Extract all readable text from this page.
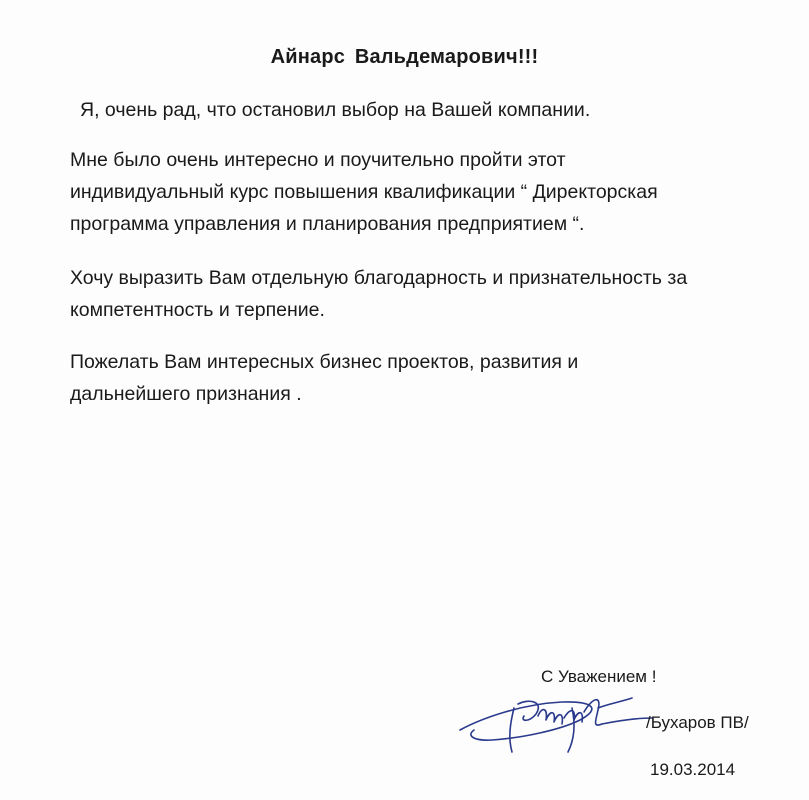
Айнарс Вальдемарович!!!
Я, очень рад, что остановил выбор на Вашей компании.
Мне было очень интересно и поучительно пройти этот
индивидуальный курс повышения квалификации “ Директорская
программа управления и планирования предприятием “.
Хочу выразить Вам отдельную благодарность и признательность за
компетентность и терпение.
Пожелать Вам интересных бизнес проектов, развития и
дальнейшего признания .
С Уважением !
/Бухаров ПВ/
19.03.2014
